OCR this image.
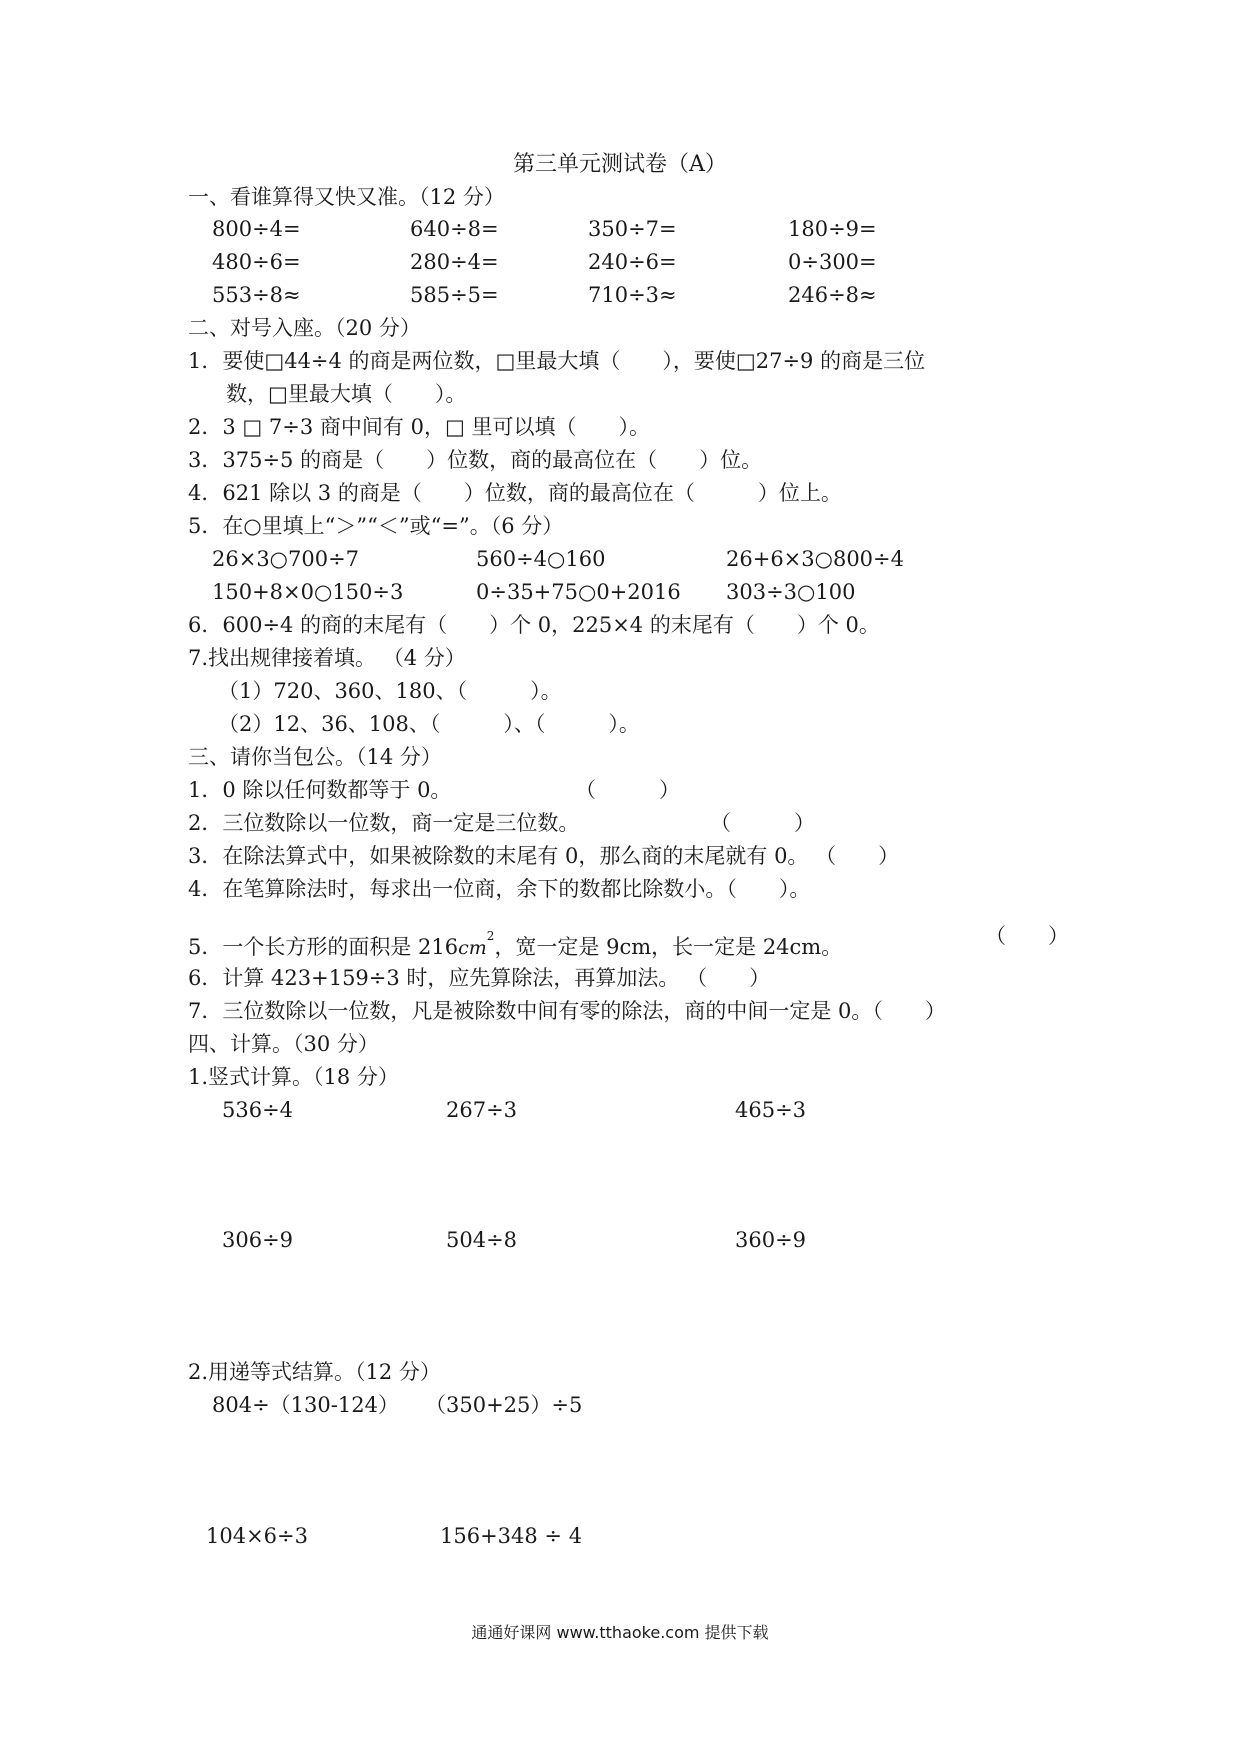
第三单元测试卷（A）
一、看谁算得又快又准。（12 分）
800÷4=	640÷8=	350÷7=	180÷9=
480÷6=	280÷4=	240÷6=	0÷300=
553÷8≈	585÷5=	710÷3≈	246÷8≈
二、对号入座。（20 分）
1．要使□44÷4 的商是两位数，□里最大填（　　），要使□27÷9 的商是三位
数，□里最大填（　　）。
2．3 □ 7÷3 商中间有 0，□ 里可以填（　　）。
3．375÷5 的商是（　　）位数，商的最高位在（　　）位。
4．621 除以 3 的商是（　　）位数，商的最高位在（　　　）位上。
5．在○里填上“＞”“＜”或“=”。（6 分）
26×3○700÷7	560÷4○160	26+6×3○800÷4
150+8×0○150÷3	0÷35+75○0+2016 303÷3○100
6．600÷4 的商的末尾有（　　）个 0，225×4 的末尾有（　　）个 0。
7.找出规律接着填。 （4 分）
（1）720、360、180、（　　　）。
（2）12、36、108、（　　　）、（　　　）。
三、请你当包公。（14 分）
1．0 除以任何数都等于 0。	（　　　）
2．三位数除以一位数，商一定是三位数。	（　　　）
3．在除法算式中，如果被除数的末尾有 0，那么商的末尾就有 0。 （　　）
4．在笔算除法时，每求出一位商，余下的数都比除数小。（　　）。
5．一个长方形的面积是 $216cm^2$，宽一定是 9cm，长一定是 24cm。	（　　）
6．计算 423+159÷3 时，应先算除法，再算加法。 （　　）
7．三位数除以一位数，凡是被除数中间有零的除法，商的中间一定是 0。（　　）
四、计算。（30 分）
1.竖式计算。（18 分）
536÷4	267÷3	465÷3
306÷9	504÷8	360÷9
2.用递等式结算。（12 分）
804÷（130-124） （350+25）÷5
104×6÷3	156+348 ÷ 4
通通好课网 www.tthaoke.com 提供下载
